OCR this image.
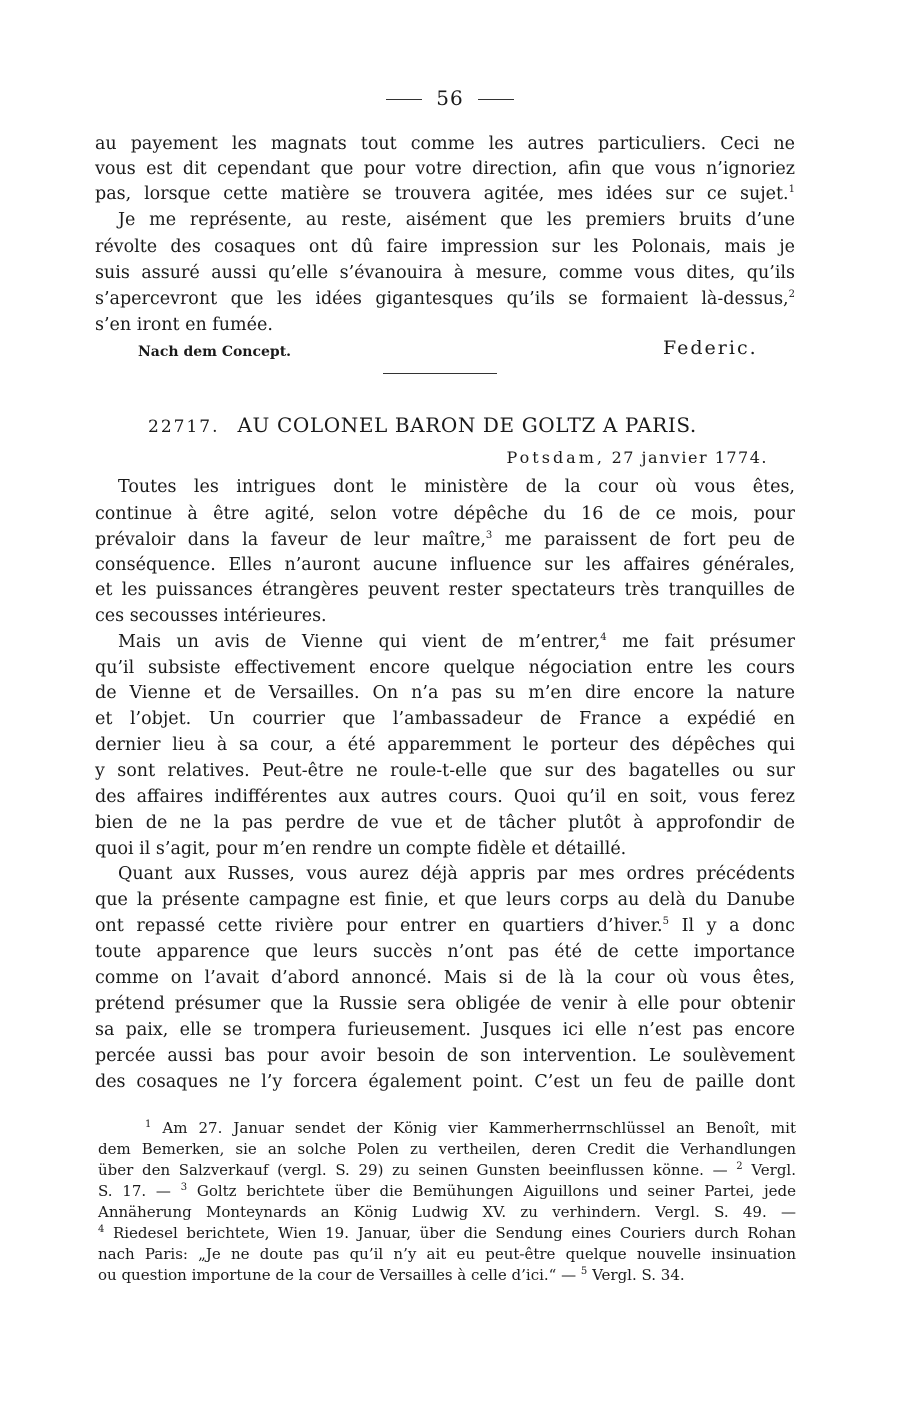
56
au payement les magnats tout comme les autres particuliers. Ceci ne
vous est dit cependant que pour votre direction, afin que vous n’ignoriez
pas, lorsque cette matière se trouvera agitée, mes idées sur ce sujet.$^1$
Je me représente, au reste, aisément que les premiers bruits d’une
révolte des cosaques ont dû faire impression sur les Polonais, mais je
suis assuré aussi qu’elle s’évanouira à mesure, comme vous dites, qu’ils
s’apercevront que les idées gigantesques qu’ils se formaient là-dessus,$^2$
s’en iront en fumée.
Nach dem Concept.	Federic.
22717. AU COLONEL BARON DE GOLTZ A PARIS.
Potsdam, 27 janvier 1774.
Toutes les intrigues dont le ministère de la cour où vous êtes,
continue à être agité, selon votre dépêche du 16 de ce mois, pour
prévaloir dans la faveur de leur maître,$^3$ me paraissent de fort peu de
conséquence. Elles n’auront aucune influence sur les affaires générales,
et les puissances étrangères peuvent rester spectateurs très tranquilles de
ces secousses intérieures.
Mais un avis de Vienne qui vient de m’entrer,$^4$ me fait présumer
qu’il subsiste effectivement encore quelque négociation entre les cours
de Vienne et de Versailles. On n’a pas su m’en dire encore la nature
et l’objet. Un courrier que l’ambassadeur de France a expédié en
dernier lieu à sa cour, a été apparemment le porteur des dépêches qui
y sont relatives. Peut-être ne roule-t-elle que sur des bagatelles ou sur
des affaires indifférentes aux autres cours. Quoi qu’il en soit, vous ferez
bien de ne la pas perdre de vue et de tâcher plutôt à approfondir de
quoi il s’agit, pour m’en rendre un compte fidèle et détaillé.
Quant aux Russes, vous aurez déjà appris par mes ordres précédents
que la présente campagne est finie, et que leurs corps au delà du Danube
ont repassé cette rivière pour entrer en quartiers d’hiver.$^5$ Il y a donc
toute apparence que leurs succès n’ont pas été de cette importance
comme on l’avait d’abord annoncé. Mais si de là la cour où vous êtes,
prétend présumer que la Russie sera obligée de venir à elle pour obtenir
sa paix, elle se trompera furieusement. Jusques ici elle n’est pas encore
percée aussi bas pour avoir besoin de son intervention. Le soulèvement
des cosaques ne l’y forcera également point. C’est un feu de paille dont
$^1$ Am 27. Januar sendet der König vier Kammerherrnschlüssel an Benoît, mit
dem Bemerken, sie an solche Polen zu vertheilen, deren Credit die Verhandlungen
über den Salzverkauf (vergl. S. 29) zu seinen Gunsten beeinflussen könne. — $^2$ Vergl.
S. 17. — $^3$ Goltz berichtete über die Bemühungen Aiguillons und seiner Partei, jede
Annäherung Monteynards an König Ludwig XV. zu verhindern. Vergl. S. 49. —
$^4$ Riedesel berichtete, Wien 19. Januar, über die Sendung eines Couriers durch Rohan
nach Paris: „Je ne doute pas qu’il n’y ait eu peut-être quelque nouvelle insinuation
ou question importune de la cour de Versailles à celle d’ici.“ — $^5$ Vergl. S. 34.
